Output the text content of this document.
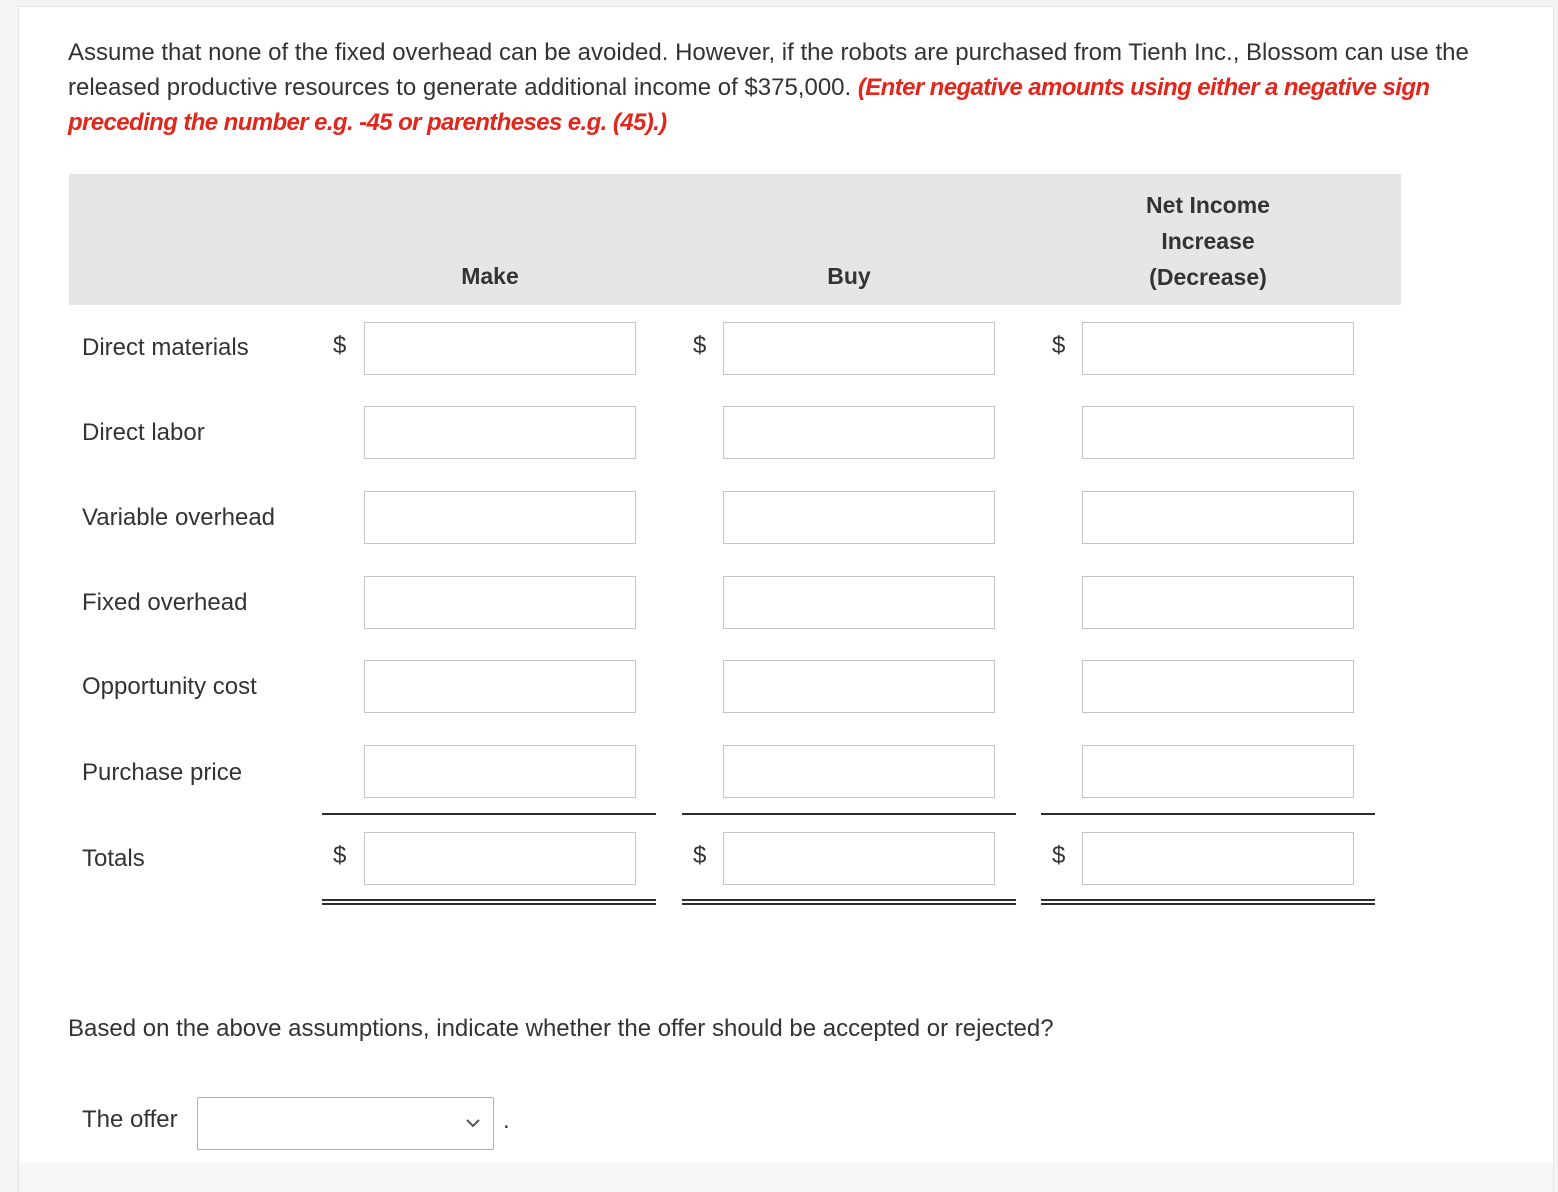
Assume that none of the fixed overhead can be avoided. However, if the robots are purchased from Tienh Inc., Blossom can use the released productive resources to generate additional income of $375,000. (Enter negative amounts using either a negative sign preceding the number e.g. -45 or parentheses e.g. (45).)

Make	Buy
Net Income
Increase
(Decrease)
Direct materials	$	$	$
Direct labor
Variable overhead
Fixed overhead
Opportunity cost
Purchase price
Totals	$	$	$
Based on the above assumptions, indicate whether the offer should be accepted or rejected?
The offer	.
